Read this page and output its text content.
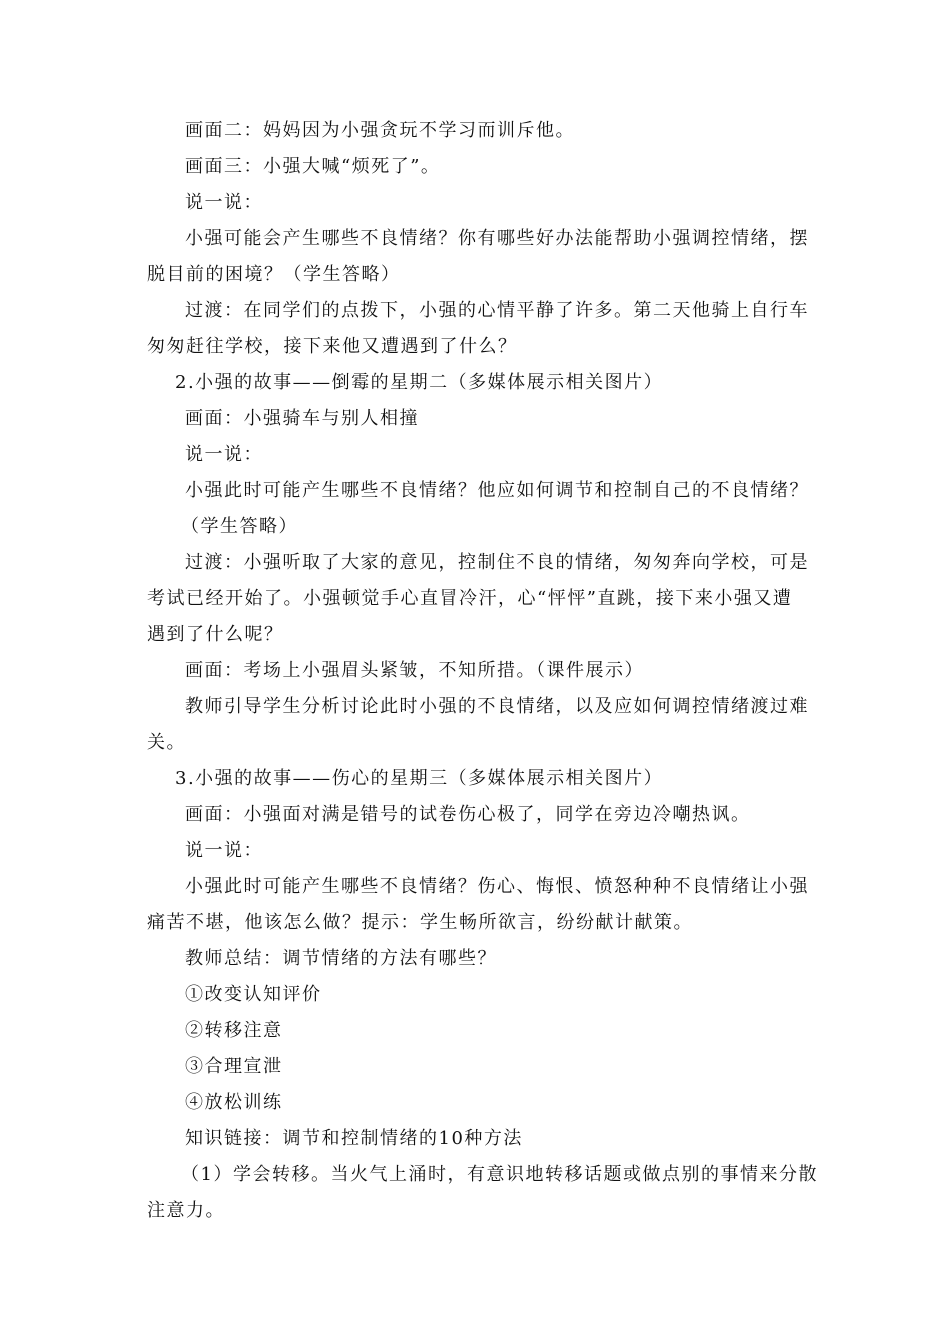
画面二：妈妈因为小强贪玩不学习而训斥他。

画面三：小强大喊“烦死了”。

说一说：

小强可能会产生哪些不良情绪？你有哪些好办法能帮助小强调控情绪，摆
脱目前的困境？（学生答略）

过渡：在同学们的点拨下，小强的心情平静了许多。第二天他骑上自行车
匆匆赶往学校，接下来他又遭遇到了什么？

2.小强的故事——倒霉的星期二（多媒体展示相关图片）

画面：小强骑车与别人相撞

说一说：

小强此时可能产生哪些不良情绪？他应如何调节和控制自己的不良情绪？
（学生答略）

过渡：小强听取了大家的意见，控制住不良的情绪，匆匆奔向学校，可是
考试已经开始了。小强顿觉手心直冒冷汗，心“怦怦”直跳，接下来小强又遭
遇到了什么呢？

画面：考场上小强眉头紧皱，不知所措。（课件展示）

教师引导学生分析讨论此时小强的不良情绪，以及应如何调控情绪渡过难
关。

3.小强的故事——伤心的星期三（多媒体展示相关图片）

画面：小强面对满是错号的试卷伤心极了，同学在旁边冷嘲热讽。

说一说：

小强此时可能产生哪些不良情绪？伤心、悔恨、愤怒种种不良情绪让小强
痛苦不堪，他该怎么做？提示：学生畅所欲言，纷纷献计献策。

教师总结：调节情绪的方法有哪些？

①改变认知评价

②转移注意

③合理宣泄

④放松训练

知识链接：调节和控制情绪的10种方法

（1）学会转移。当火气上涌时，有意识地转移话题或做点别的事情来分散
注意力。
